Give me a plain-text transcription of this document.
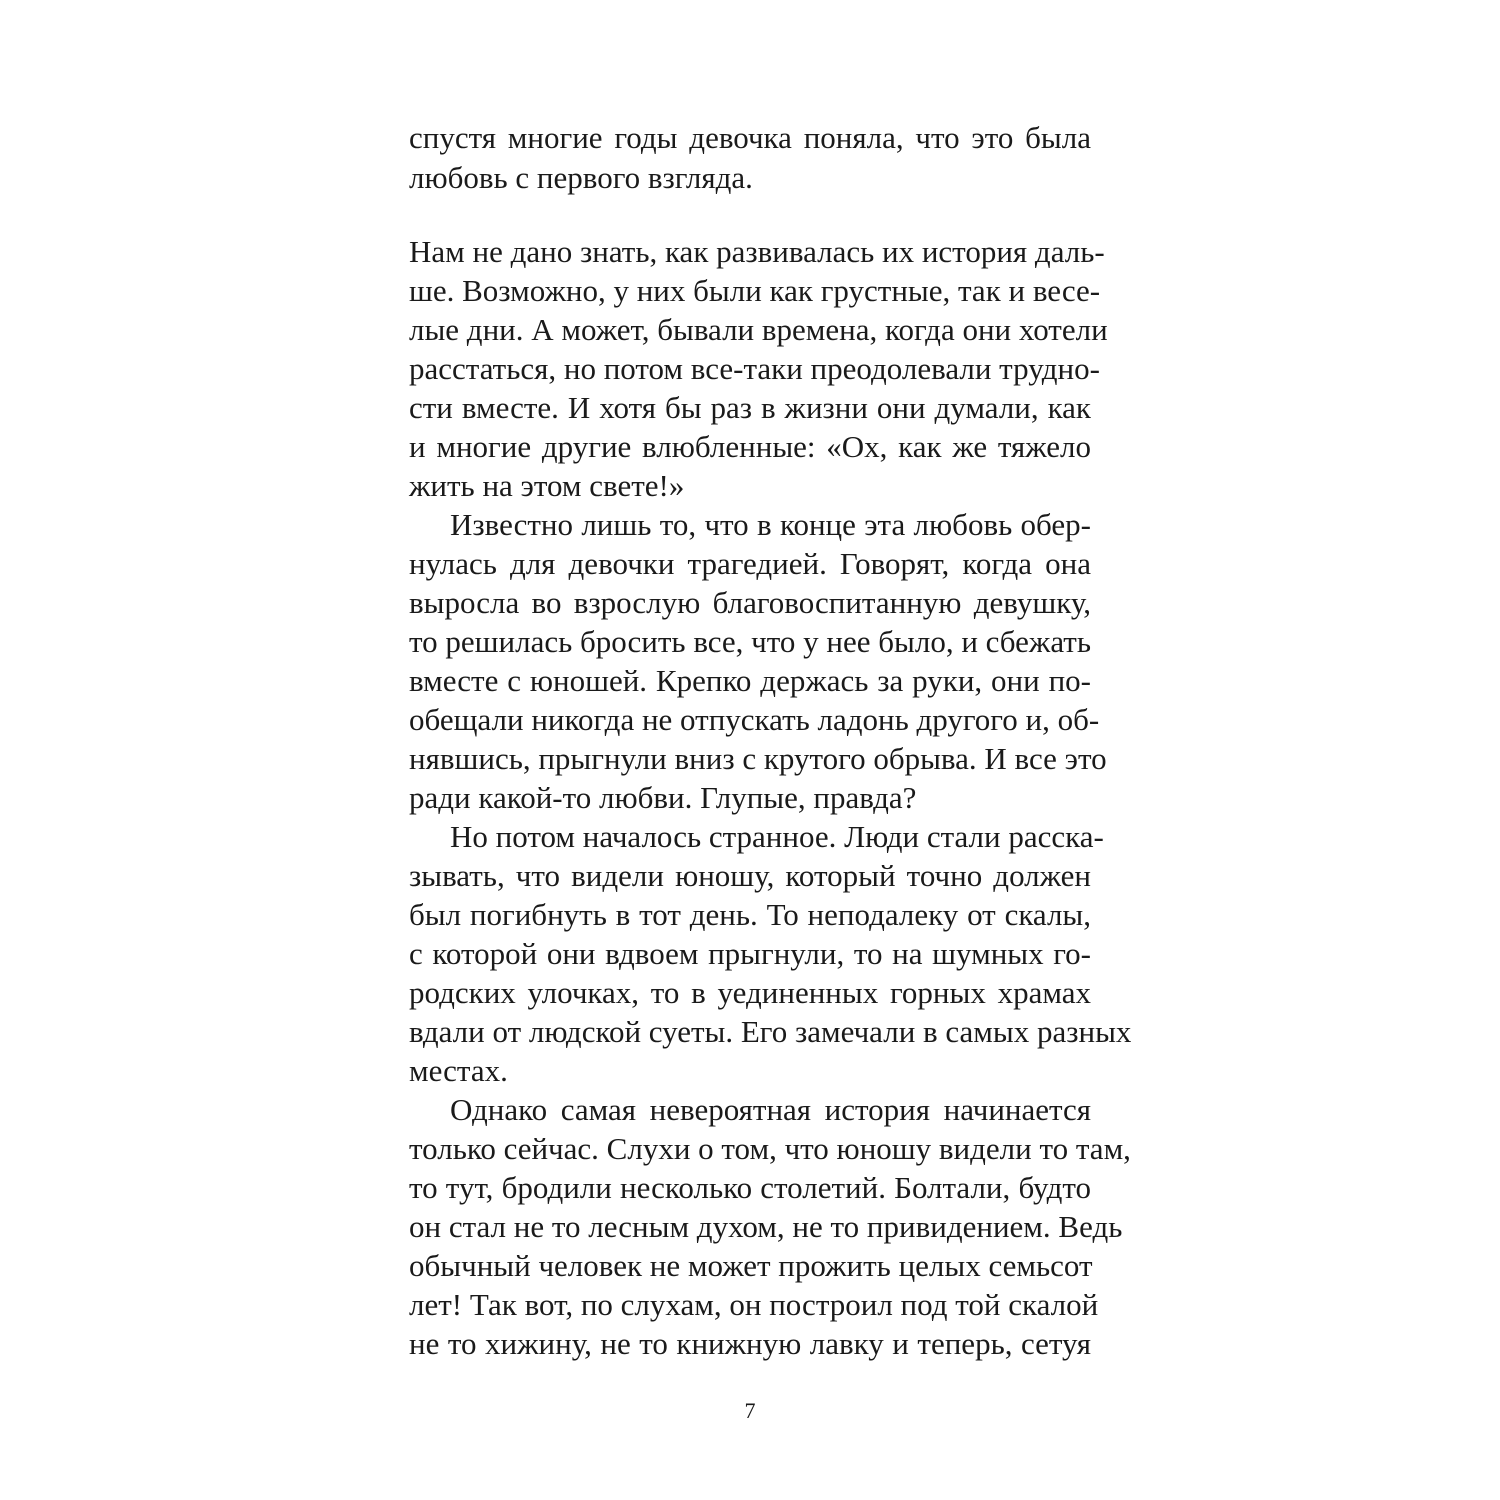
спустя многие годы девочка поняла, что это была
любовь с первого взгляда.
Нам не дано знать, как развивалась их история даль-
ше. Возможно, у них были как грустные, так и весе-
лые дни. А может, бывали времена, когда они хотели
расстаться, но потом все-таки преодолевали трудно-
сти вместе. И хотя бы раз в жизни они думали, как
и многие другие влюбленные: «Ох, как же тяжело
жить на этом свете!»
Известно лишь то, что в конце эта любовь обер-
нулась для девочки трагедией. Говорят, когда она
выросла во взрослую благовоспитанную девушку,
то решилась бросить все, что у нее было, и сбежать
вместе с юношей. Крепко держась за руки, они по-
обещали никогда не отпускать ладонь другого и, об-
нявшись, прыгнули вниз с крутого обрыва. И все это
ради какой-то любви. Глупые, правда?
Но потом началось странное. Люди стали расска-
зывать, что видели юношу, который точно должен
был погибнуть в тот день. То неподалеку от скалы,
с которой они вдвоем прыгнули, то на шумных го-
родских улочках, то в уединенных горных храмах
вдали от людской суеты. Его замечали в самых разных
местах.
Однако самая невероятная история начинается
только сейчас. Слухи о том, что юношу видели то там,
то тут, бродили несколько столетий. Болтали, будто
он стал не то лесным духом, не то привидением. Ведь
обычный человек не может прожить целых семьсот
лет! Так вот, по слухам, он построил под той скалой
не то хижину, не то книжную лавку и теперь, сетуя
7
